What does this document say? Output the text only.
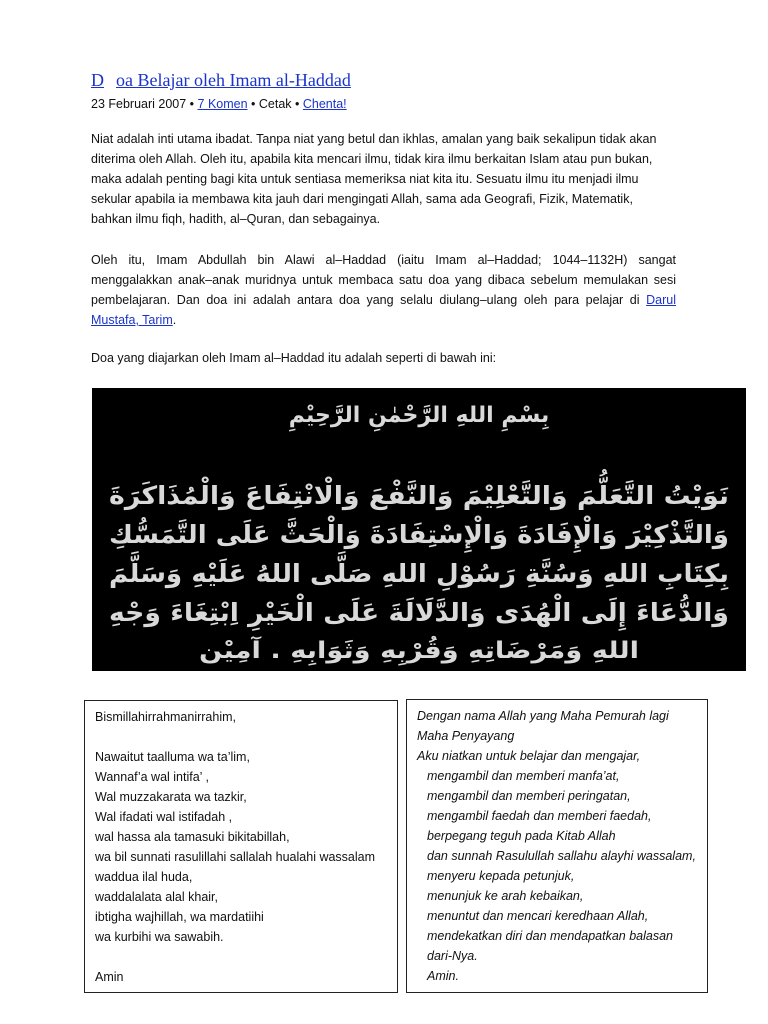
D oa Belajar oleh Imam al-Haddad
23 Februari 2007 • 7 Komen • Cetak • Chenta!
Niat adalah inti utama ibadat. Tanpa niat yang betul dan ikhlas, amalan yang baik sekalipun tidak akan diterima oleh Allah. Oleh itu, apabila kita mencari ilmu, tidak kira ilmu berkaitan Islam atau pun bukan, maka adalah penting bagi kita untuk sentiasa memeriksa niat kita itu. Sesuatu ilmu itu menjadi ilmu sekular apabila ia membawa kita jauh dari mengingati Allah, sama ada Geografi, Fizik, Matematik, bahkan ilmu fiqh, hadith, al–Quran, dan sebagainya.
Oleh itu, Imam Abdullah bin Alawi al–Haddad (iaitu Imam al–Haddad; 1044–1132H) sangat menggalakkan anak–anak muridnya untuk membaca satu doa yang dibaca sebelum memulakan sesi pembelajaran. Dan doa ini adalah antara doa yang selalu diulang–ulang oleh para pelajar di Darul Mustafa, Tarim.
Doa yang diajarkan oleh Imam al–Haddad itu adalah seperti di bawah ini:
بِسْمِ اللهِ الرَّحْمٰنِ الرَّحِيْمِ
نَوَيْتُ التَّعَلُّمَ وَالتَّعْلِيْمَ وَالنَّفْعَ وَالْانْتِفَاعَ وَالْمُذَاكَرَةَ
وَالتَّذْكِيْرَ وَالْإِفَادَةَ وَالْإِسْتِفَادَةَ وَالْحَثَّ عَلَى التَّمَسُّكِ
بِكِتَابِ اللهِ وَسُنَّةِ رَسُوْلِ اللهِ صَلَّى اللهُ عَلَيْهِ وَسَلَّمَ
وَالدُّعَاءَ إِلَى الْهُدَى وَالدَّلَالَةَ عَلَى الْخَيْرِ اِبْتِغَاءَ وَجْهِ
اللهِ وَمَرْضَاتِهِ وَقُرْبِهِ وَثَوَابِهِ . آمِيْن
Bismillahirrahmanirrahim,
Nawaitut taalluma wa ta’lim,
Wannaf’a wal intifa’ ,
Wal muzzakarata wa tazkir,
Wal ifadati wal istifadah ,
wal hassa ala tamasuki bikitabillah,
wa bil sunnati rasulillahi sallalah hualahi wassalam
waddua ilal huda,
waddalalata alal khair,
ibtigha wajhillah, wa mardatiihi
wa kurbihi wa sawabih.
Amin
Dengan nama Allah yang Maha Pemurah lagi Maha Penyayang
Aku niatkan untuk belajar dan mengajar,
mengambil dan memberi manfa’at,
mengambil dan memberi peringatan,
mengambil faedah dan memberi faedah,
berpegang teguh pada Kitab Allah
dan sunnah Rasulullah sallahu alayhi wassalam,
menyeru kepada petunjuk,
menunjuk ke arah kebaikan,
menuntut dan mencari keredhaan Allah,
mendekatkan diri dan mendapatkan balasan dari-Nya.
Amin.
